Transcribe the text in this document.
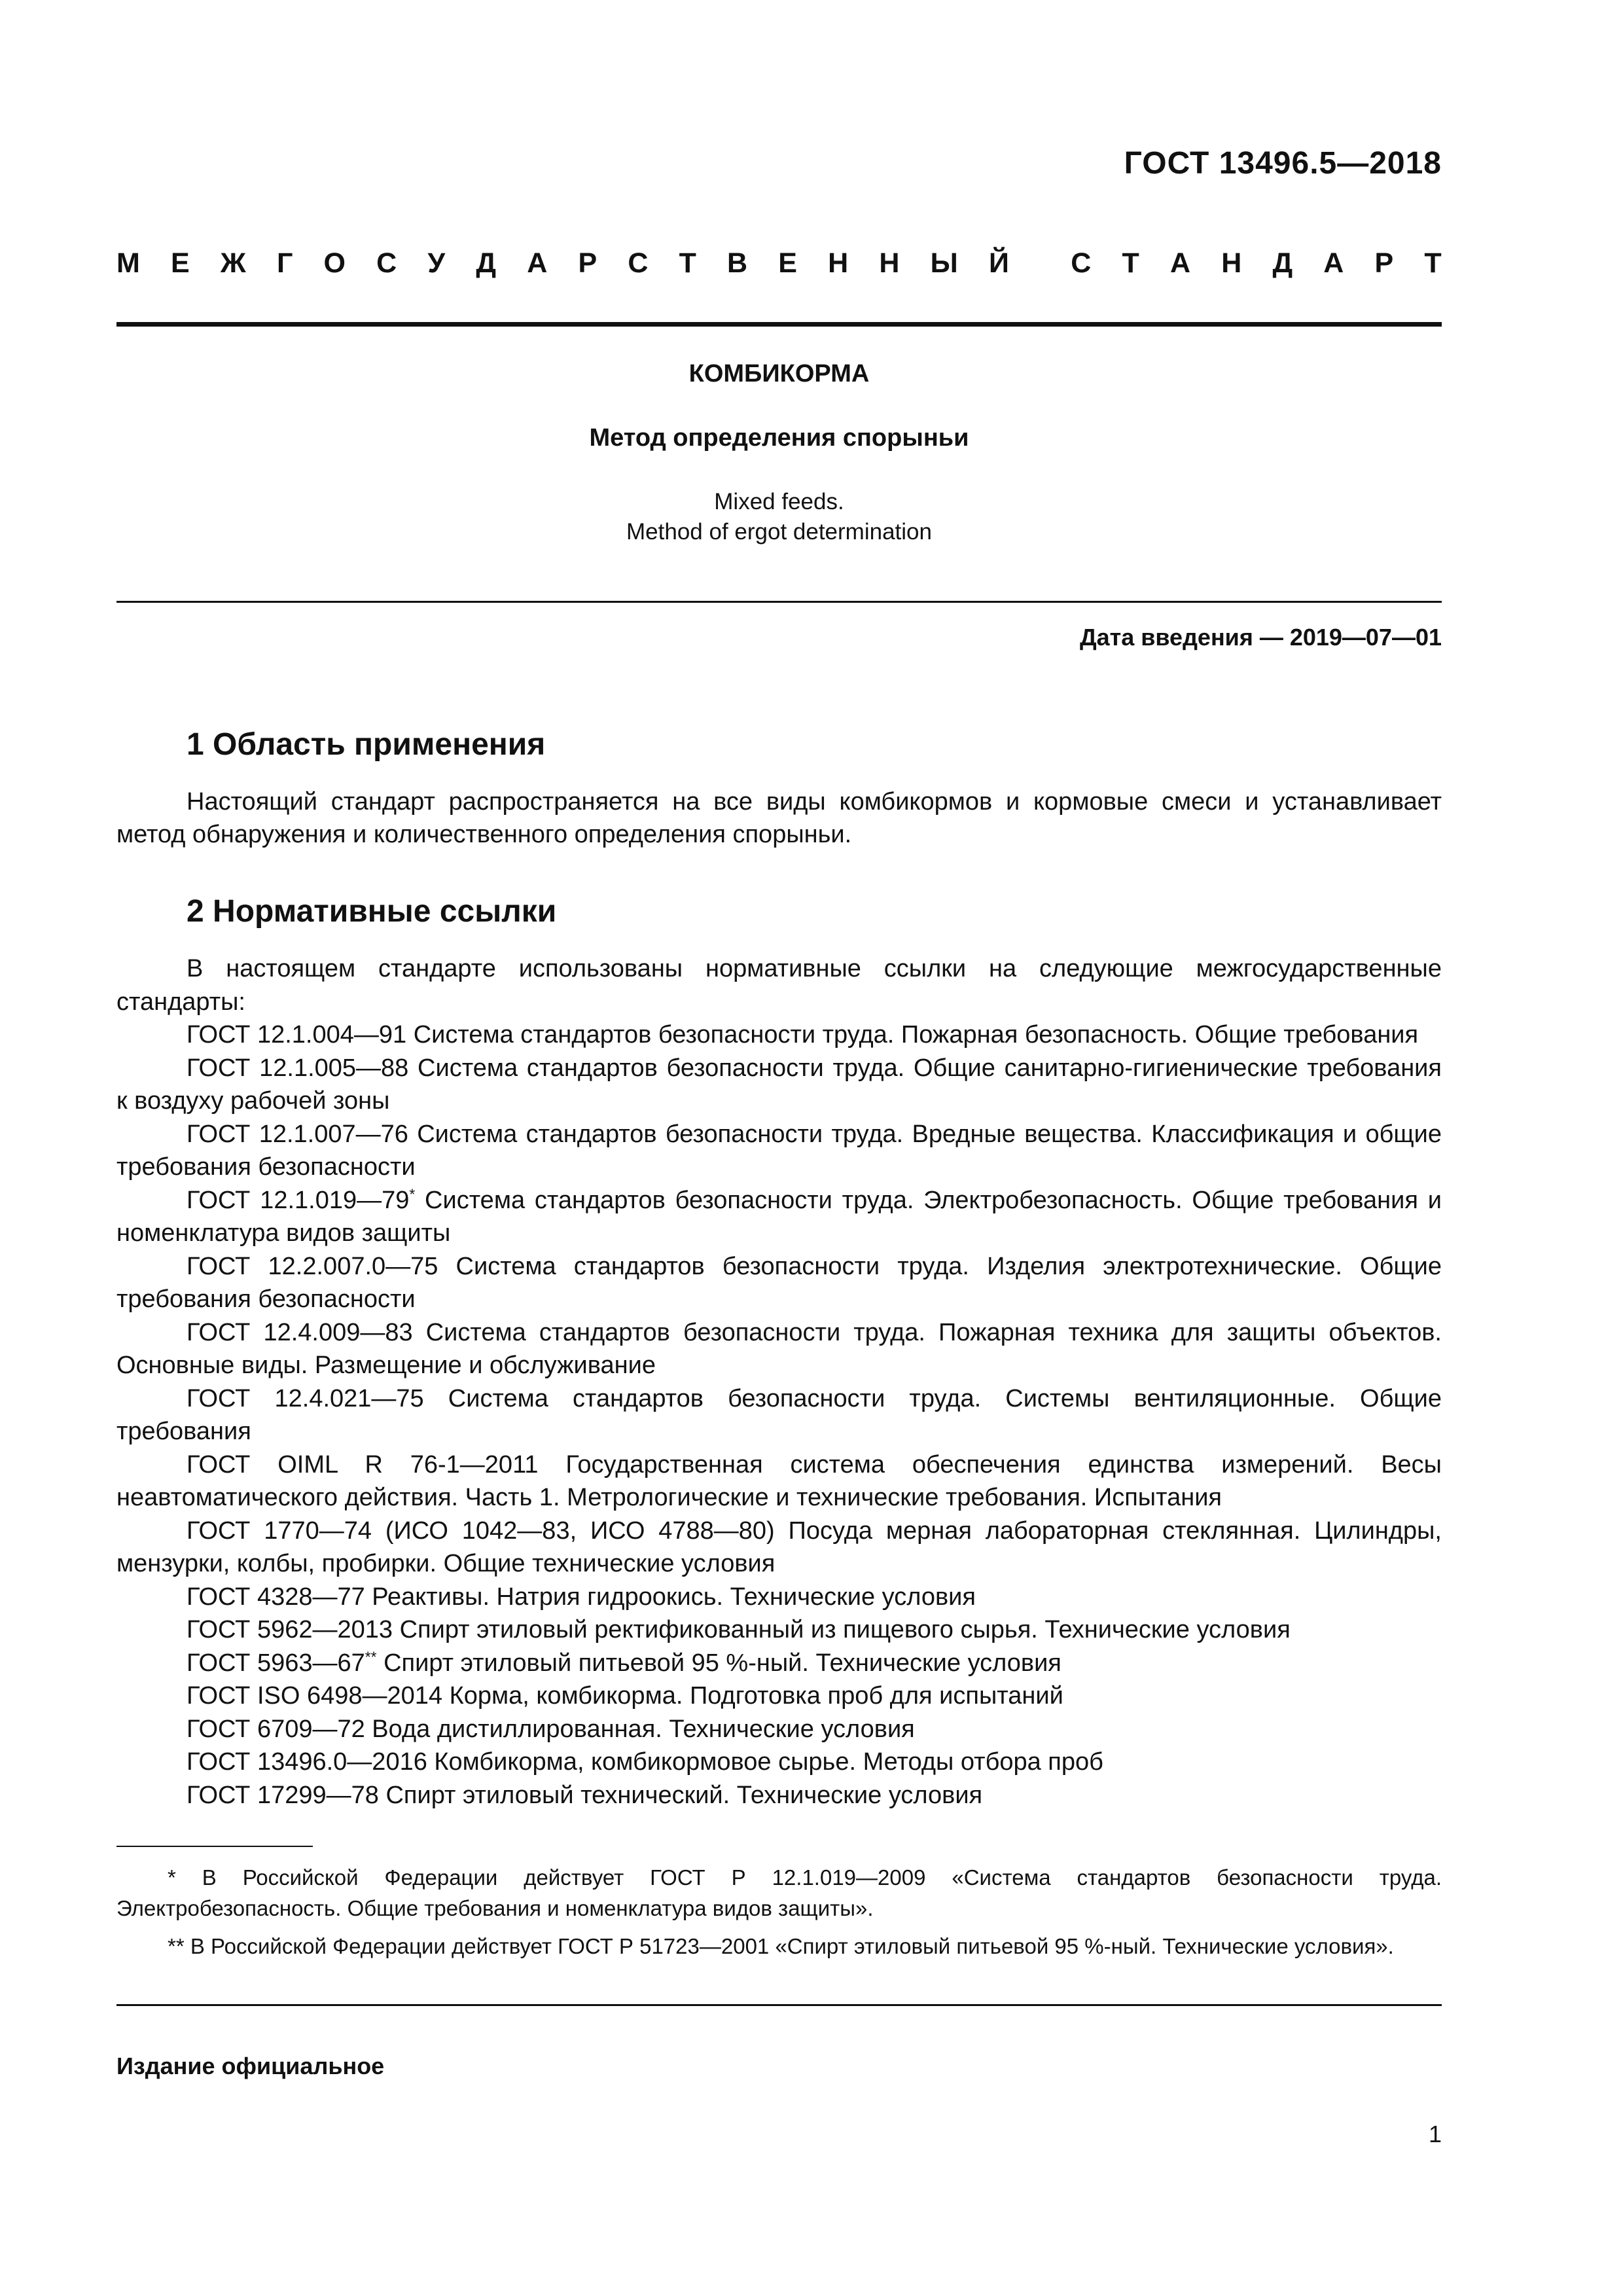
ГОСТ 13496.5—2018
М Е Ж Г О С У Д А Р С Т В Е Н Н Ы Й С Т А Н Д А Р Т
КОМБИКОРМА
Метод определения спорыньи
Mixed feeds.
Method of ergot determination
Дата введения — 2019—07—01
1 Область применения
Настоящий стандарт распространяется на все виды комбикормов и кормовые смеси и устанавливает метод обнаружения и количественного определения спорыньи.
2 Нормативные ссылки

В настоящем стандарте использованы нормативные ссылки на следующие межгосударственные стандарты:

ГОСТ 12.1.004—91 Система стандартов безопасности труда. Пожарная безопасность. Общие требования

ГОСТ 12.1.005—88 Система стандартов безопасности труда. Общие санитарно-гигиенические требования к воздуху рабочей зоны

ГОСТ 12.1.007—76 Система стандартов безопасности труда. Вредные вещества. Классификация и общие требования безопасности

ГОСТ 12.1.019—79* Система стандартов безопасности труда. Электробезопасность. Общие требования и номенклатура видов защиты

ГОСТ 12.2.007.0—75 Система стандартов безопасности труда. Изделия электротехнические. Общие требования безопасности

ГОСТ 12.4.009—83 Система стандартов безопасности труда. Пожарная техника для защиты объектов. Основные виды. Размещение и обслуживание

ГОСТ 12.4.021—75 Система стандартов безопасности труда. Системы вентиляционные. Общие требования

ГОСТ OIML R 76-1—2011 Государственная система обеспечения единства измерений. Весы неавтоматического действия. Часть 1. Метрологические и технические требования. Испытания

ГОСТ 1770—74 (ИСО 1042—83, ИСО 4788—80) Посуда мерная лабораторная стеклянная. Цилиндры, мензурки, колбы, пробирки. Общие технические условия

ГОСТ 4328—77 Реактивы. Натрия гидроокись. Технические условия

ГОСТ 5962—2013 Спирт этиловый ректификованный из пищевого сырья. Технические условия

ГОСТ 5963—67** Спирт этиловый питьевой 95 %-ный. Технические условия

ГОСТ ISO 6498—2014 Корма, комбикорма. Подготовка проб для испытаний

ГОСТ 6709—72 Вода дистиллированная. Технические условия

ГОСТ 13496.0—2016 Комбикорма, комбикормовое сырье. Методы отбора проб

ГОСТ 17299—78 Спирт этиловый технический. Технические условия

* В Российской Федерации действует ГОСТ Р 12.1.019—2009 «Система стандартов безопасности труда. Электробезопасность. Общие требования и номенклатура видов защиты».
** В Российской Федерации действует ГОСТ Р 51723—2001 «Спирт этиловый питьевой 95 %-ный. Технические условия».
Издание официальное
1
